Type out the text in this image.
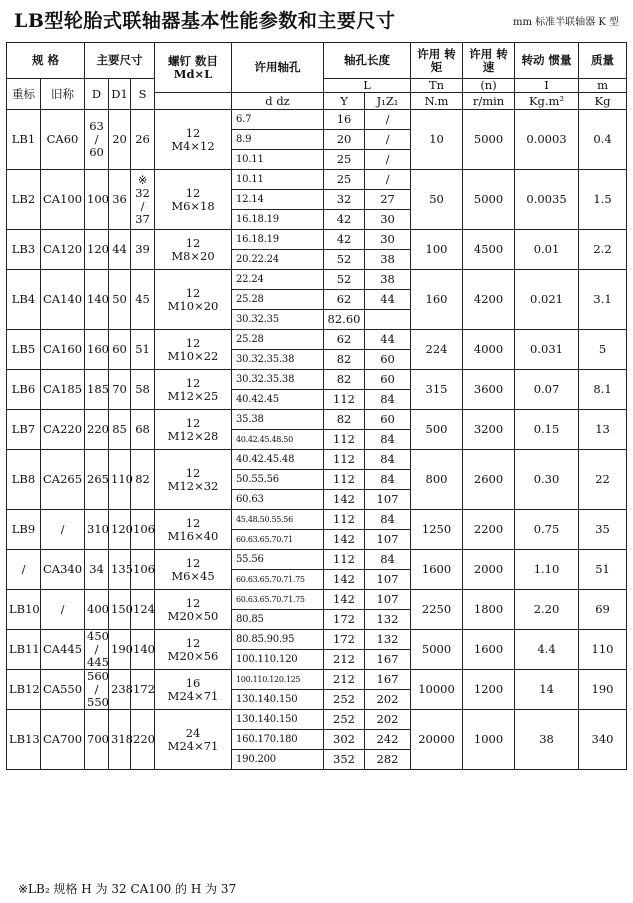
LB型轮胎式联轴器基本性能参数和主要尺寸	mm 标准半联轴器 K 型
规 格		主要尺寸			螺钉 数目 Md×L	许用轴孔	轴孔长度		许用 转矩	许用 转速	转动 惯量	质量
重标	旧称	D	D1	S			L		Tn	(n)	I	m
						d dz	Y	J₁Z₁	N.m	r/min	Kg.m²	Kg
LB1	CA60	63 / 60	20	26	12
M4×12	6.7	16	/	10	5000	0.0003	0.4
						8.9	20	/				
						10.11	25	/				
LB2	CA100	100	36	※ 32 / 37	12
M6×18	10.11	25	/	50	5000	0.0035	1.5
						12.14	32	27				
						16.18.19	42	30				
LB3	CA120	120	44	39	12
M8×20	16.18.19	42	30	100	4500	0.01	2.2
						20.22.24	52	38				
LB4	CA140	140	50	45	12
M10×20	22.24	52	38	160	4200	0.021	3.1
						25.28	62	44				
						30.32.35	82.60					
LB5	CA160	160	60	51	12
M10×22	25.28	62	44	224	4000	0.031	5
						30.32.35.38	82	60				
LB6	CA185	185	70	58	12
M12×25	30.32.35.38	82	60	315	3600	0.07	8.1
						40.42.45	112	84				
LB7	CA220	220	85	68	12
M12×28	35.38	82	60	500	3200	0.15	13
						40.42.45.48.50	112	84				
LB8	CA265	265	110	82	12
M12×32	40.42.45.48	112	84	800	2600	0.30	22
						50.55.56	112	84				
						60.63	142	107				
LB9	/	310	120	106	12
M16×40	45.48.50.55.56	112	84	1250	2200	0.75	35
						60.63.65.70.71	142	107				
/	CA340	34	135	106	12
M6×45	55.56	112	84	1600	2000	1.10	51
						60.63.65.70.71.75	142	107				
LB10	/	400	150	124	12
M20×50	60.63.65.70.71.75	142	107	2250	1800	2.20	69
						80.85	172	132				
LB11	CA445	450 / 445	190	140	12
M20×56	80.85.90.95	172	132	5000	1600	4.4	110
						100.110.120	212	167				
LB12	CA550	560 / 550	238	172	16
M24×71	100.110.120.125	212	167	10000	1200	14	190
						130.140.150	252	202				
LB13	CA700	700	318	220	24
M24×71	130.140.150	252	202	20000	1000	38	340
						160.170.180	302	242				
						190.200	352	282				
※LB₂ 规格 H 为 32 CA100 的 H 为 37
